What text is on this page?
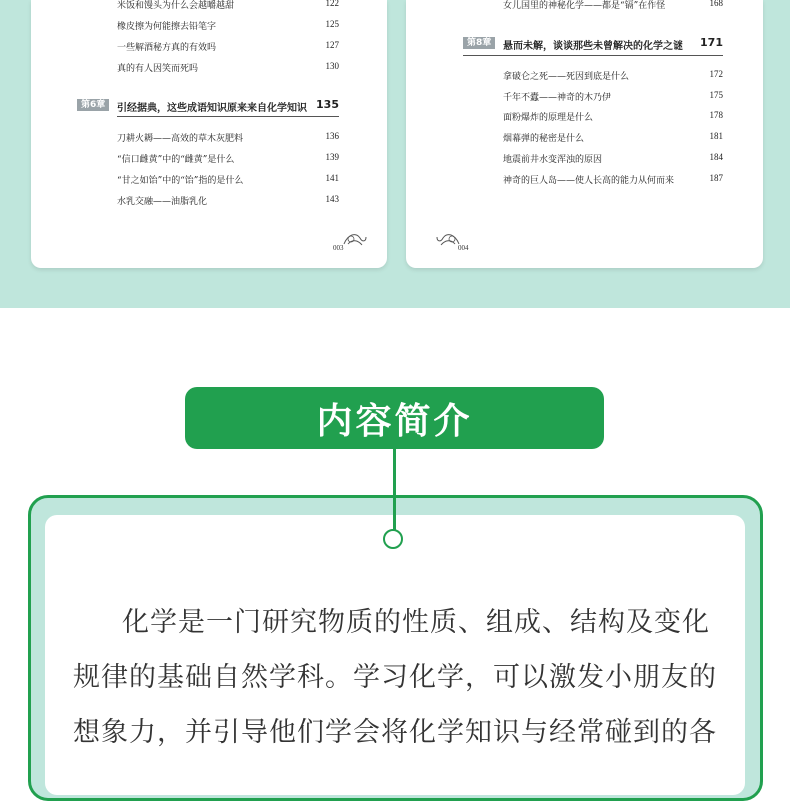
米饭和馒头为什么会越嚼越甜	122
橡皮擦为何能擦去铅笔字	125
一些解酒秘方真的有效吗	127
真的有人因笑而死吗	130
第6章	引经据典，这些成语知识原来来自化学知识 135
刀耕火耨——高效的草木灰肥料	136
“信口雌黄”中的“雌黄”是什么	139
“甘之如饴”中的“饴”指的是什么	141
水乳交融——油脂乳化	143
003
女儿国里的神秘化学——都是“镉”在作怪	168
第8章	悬而未解，谈谈那些未曾解决的化学之谜	171
拿破仑之死——死因到底是什么	172
千年不蠹——神奇的木乃伊	175
面粉爆炸的原理是什么	178
烟幕弹的秘密是什么	181
地震前井水变浑浊的原因	184
神奇的巨人岛——使人长高的能力从何而来	187
004
内容简介
化学是一门研究物质的性质、组成、结构及变化
规律的基础自然学科。学习化学，可以激发小朋友的
想象力，并引导他们学会将化学知识与经常碰到的各
